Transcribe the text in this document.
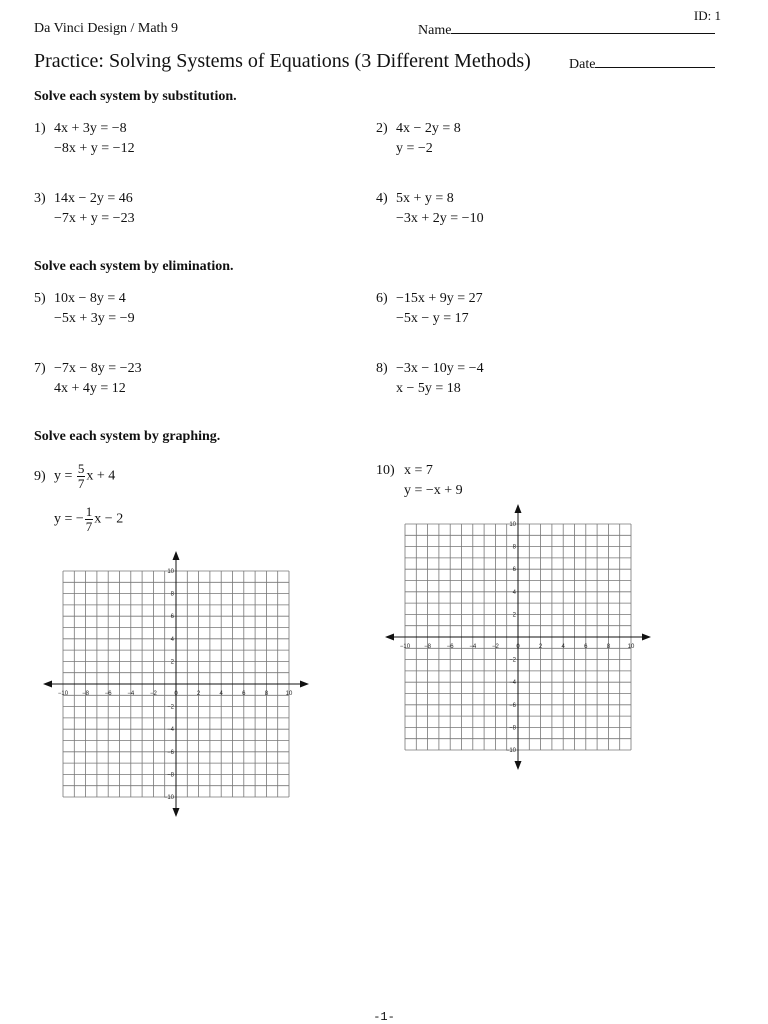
ID: 1
Da Vinci Design / Math 9	Name
Practice: Solving Systems of Equations (3 Different Methods)	Date
Solve each system by substitution.
Solve each system by elimination.
Solve each system by graphing.
1) 4x + 3y = −8
−8x + y = −12
2) 4x − 2y = 8
y = −2
3) 14x − 2y = 46
−7x + y = −23
4) 5x + y = 8
−3x + 2y = −10
5) 10x − 8y = 4
−5x + 3y = −9
6) −15x + 9y = 27
−5x − y = 17
7) −7x − 8y = −23
4x + 4y = 12
8) −3x − 10y = −4
x − 5y = 18
9) $y = \frac{5}{7}$ x + 4
y = − $\frac{1}{7}$ x − 2
10) x = 7
y = −x + 9
−10 −8	−6	−4	−2	0	2	4	6	8	10
10
8
6
4
2
−2
−4
−6
−8
−10
−10 −8	−6	−4	−2	0	2	4	6	8	10
10
8
6
4
2
−2
−4
−6
−8
−10
-1-
